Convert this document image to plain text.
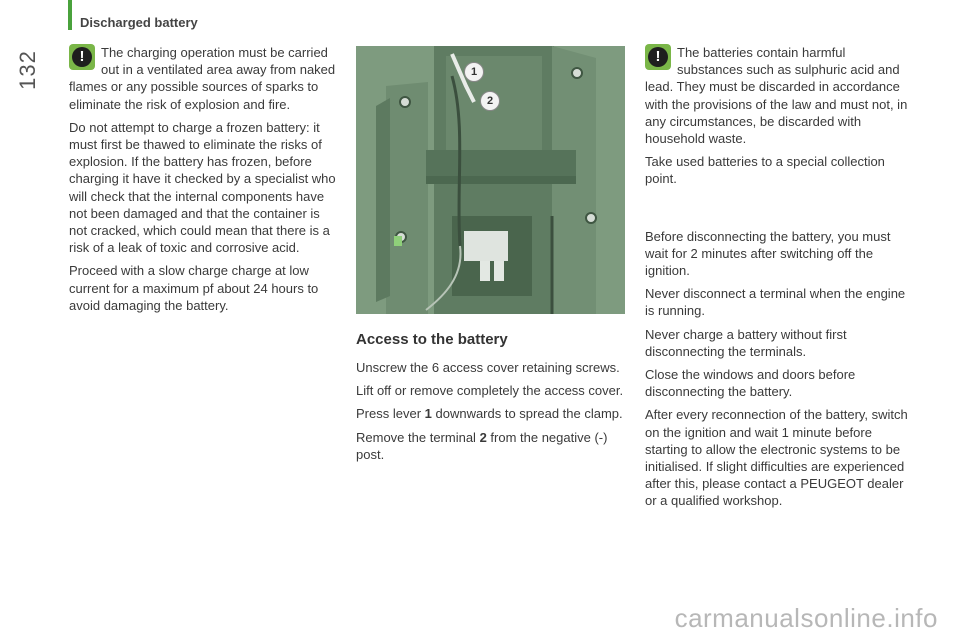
132
Discharged battery

!	The charging operation must be carried out in a ventilated area away from naked flames or any possible sources of sparks to eliminate the risk of explosion and fire.

Do not attempt to charge a frozen battery: it must first be thawed to eliminate the risks of explosion. If the battery has frozen, before charging it have it checked by a specialist who will check that the internal components have not been damaged and that the container is not cracked, which could mean that there is a risk of a leak of toxic and corrosive acid.

Proceed with a slow charge charge at low current for a maximum pf about 24 hours to avoid damaging the battery.

1
2
Access to the battery

Unscrew the 6 access cover retaining screws.

Lift off or remove completely the access cover.

Press lever 1 downwards to spread the clamp.

Remove the terminal 2 from the negative (-) post.

!	The batteries contain harmful substances such as sulphuric acid and lead. They must be discarded in accordance with the provisions of the law and must not, in any circumstances, be discarded with household waste.

Take used batteries to a special collection point.

Before disconnecting the battery, you must wait for 2 minutes after switching off the ignition.

Never disconnect a terminal when the engine is running.

Never charge a battery without first disconnecting the terminals.

Close the windows and doors before disconnecting the battery.

After every reconnection of the battery, switch on the ignition and wait 1 minute before starting to allow the electronic systems to be initialised. If slight difficulties are experienced after this, please contact a PEUGEOT dealer or a qualified workshop.

carmanualsonline.info
